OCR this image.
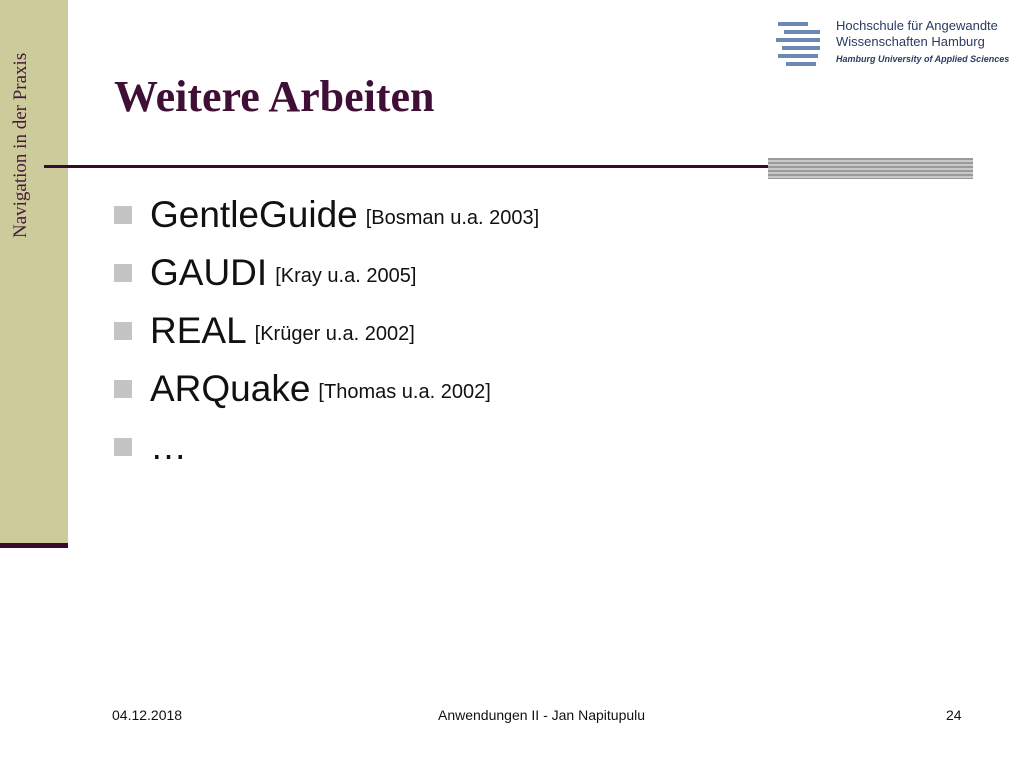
Navigation in der Praxis
Hochschule für Angewandte
Wissenschaften Hamburg
Hamburg University of Applied Sciences
Weitere Arbeiten
GentleGuide [Bosman u.a. 2003]
GAUDI [Kray u.a. 2005]
REAL [Krüger u.a. 2002]
ARQuake [Thomas u.a. 2002]
…
04.12.2018	Anwendungen II - Jan Napitupulu	24
